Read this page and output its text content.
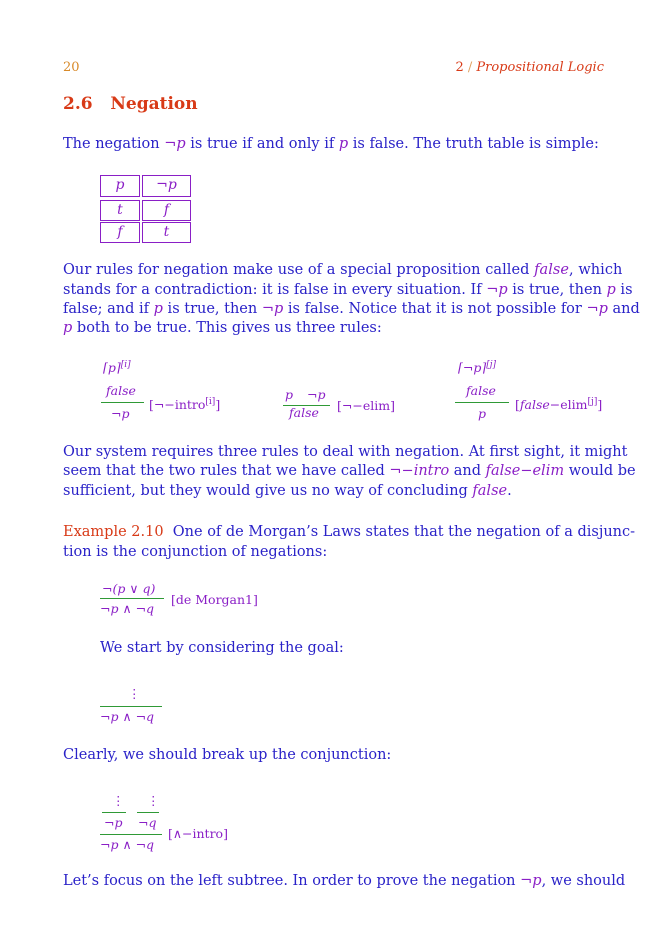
20	2 / Propositional Logic
2.6 Negation
The negation ¬p is true if and only if p is false. The truth table is simple:
p	¬p
t	f
f	t
Our rules for negation make use of a special proposition called false, which
stands for a contradiction: it is false in every situation. If ¬p is true, then p is
false; and if p is true, then ¬p is false. Notice that it is not possible for ¬p and
p both to be true. This gives us three rules:
⌈p⌉[i]
false
¬p
[¬−intro[i]]
p ¬p
false [¬−elim]
⌈¬p⌉[j]
false
p
[false−elim[j]]
Our system requires three rules to deal with negation. At first sight, it might
seem that the two rules that we have called ¬−intro and false−elim would be
sufficient, but they would give us no way of concluding false.
Example 2.10 One of de Morgan’s Laws states that the negation of a disjunc-
tion is the conjunction of negations:
¬(p ∨ q)
¬p ∧ ¬q
[de Morgan1]
We start by considering the goal:
⋮
¬p ∧ ¬q
Clearly, we should break up the conjunction:
⋮ ⋮
¬p ¬q
¬p ∧ ¬q
[∧−intro]
Let’s focus on the left subtree. In order to prove the negation ¬p, we should
